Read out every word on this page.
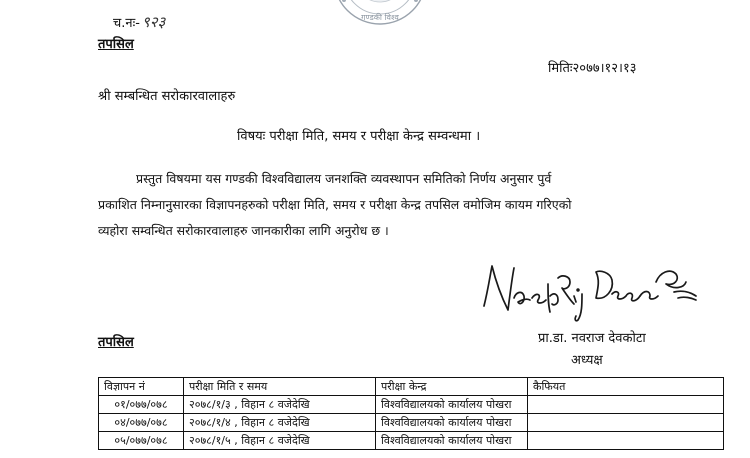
गण्डकी विश्व
च.नः- ९२३
तपसिल
मितिः२०७७।१२।१३
श्री सम्बन्धित सरोकारवालाहरु
विषयः परीक्षा मिति, समय र परीक्षा केन्द्र सम्वन्धमा ।
प्रस्तुत विषयमा यस गण्डकी विश्वविद्यालय जनशक्ति व्यवस्थापन समितिको निर्णय अनुसार पुर्व
प्रकाशित निम्नानुसारका विज्ञापनहरुको परीक्षा मिति, समय र परीक्षा केन्द्र तपसिल वमोजिम कायम गरिएको
व्यहोरा सम्वन्धित सरोकारवालाहरु जानकारीका लागि अनुरोध छ ।
प्रा.डा. नवराज देवकोटा
अध्यक्ष
तपसिल
विज्ञापन नं	परीक्षा मिति र समय	परीक्षा केन्द्र	कैफियत
०१/०७७/०७८	२०७८/१/३ , विहान ८ वजेदेखि	विश्वविद्यालयको कार्यालय पोखरा	
०४/०७७/०७८	२०७८/१/४ , विहान ८ वजेदेखि	विश्वविद्यालयको कार्यालय पोखरा	
०५/०७७/०७८	२०७८/१/५ , विहान ८ वजेदेखि	विश्वविद्यालयको कार्यालय पोखरा	
